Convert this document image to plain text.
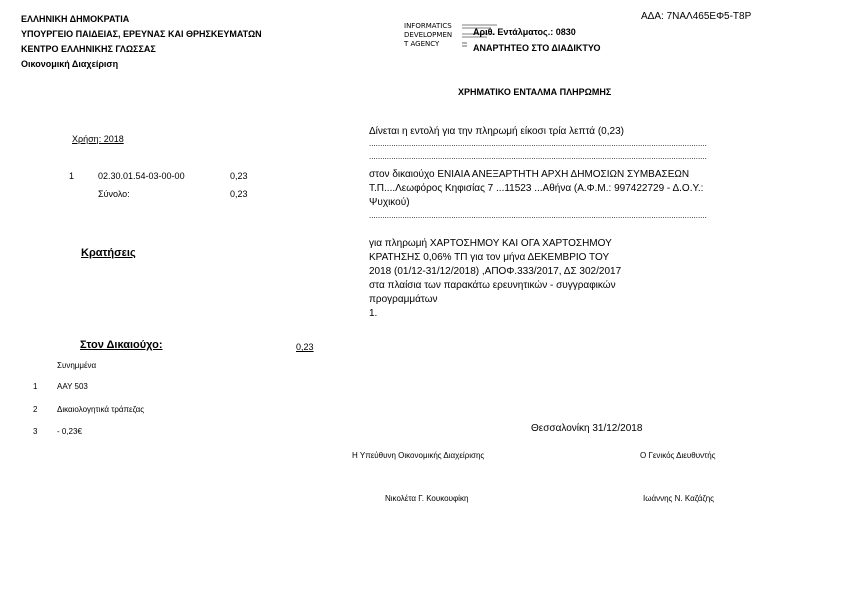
ΑΔΑ: 7ΝΑΛ465ΕΦ5-Τ8Ρ
ΕΛΛΗΝΙΚΗ ΔΗΜΟΚΡΑΤΙΑ
ΥΠΟΥΡΓΕΙΟ ΠΑΙΔΕΙΑΣ, ΕΡΕΥΝΑΣ ΚΑΙ ΘΡΗΣΚΕΥΜΑΤΩΝ
ΚΕΝΤΡΟ ΕΛΛΗΝΙΚΗΣ ΓΛΩΣΣΑΣ
Οικονομική Διαχείριση
INFORMATICS
DEVELOPMEN
T AGENCY
Αριθ. Εντάλματος.: 0830
ΑΝΑΡΤΗΤΕΟ ΣΤΟ ΔΙΑΔΙΚΤΥΟ
ΧΡΗΜΑΤΙΚΟ ΕΝΤΑΛΜΑ ΠΛΗΡΩΜΗΣ
Χρήση: 2018
1	02.30.01.54-03-00-00	0,23
Σύνολο:	0,23
Κρατήσεις
Στον Δικαιούχο:	0,23
Συνημμένα
1 ΑΑΥ 503
2 Δικαιολογητικά τράπεζας
3 - 0,23€
Δίνεται η εντολή για την πληρωμή είκοσι τρία λεπτά (0,23)
........................................................................................................................................................
........................................................................................................................................................
στον δικαιούχο ΕΝΙΑΙΑ ΑΝΕΞΑΡΤΗΤΗ ΑΡΧΗ ΔΗΜΟΣΙΩΝ ΣΥΜΒΑΣΕΩΝ
Τ.Π....Λεωφόρος Κηφισίας 7 ...11523 ...Αθήνα (Α.Φ.Μ.: 997422729 - Δ.Ο.Υ.:
Ψυχικού)
........................................................................................................................................................
για πληρωμή ΧΑΡΤΟΣΗΜΟΥ ΚΑΙ ΟΓΑ ΧΑΡΤΟΣΗΜΟΥ
ΚΡΑΤΗΣΗΣ 0,06% ΤΠ για τον μήνα ΔΕΚΕΜΒΡΙΟ ΤΟΥ
2018 (01/12-31/12/2018) ,ΑΠΟΦ.333/2017, ΔΣ 302/2017
στα πλαίσια των παρακάτω ερευνητικών - συγγραφικών
προγραμμάτων
1.
Θεσσαλονίκη 31/12/2018
Η Υπεύθυνη Οικονομικής Διαχείρισης	Ο Γενικός Διευθυντής
Νικολέτα Γ. Κουκουφίκη	Ιωάννης Ν. Καζάζης
